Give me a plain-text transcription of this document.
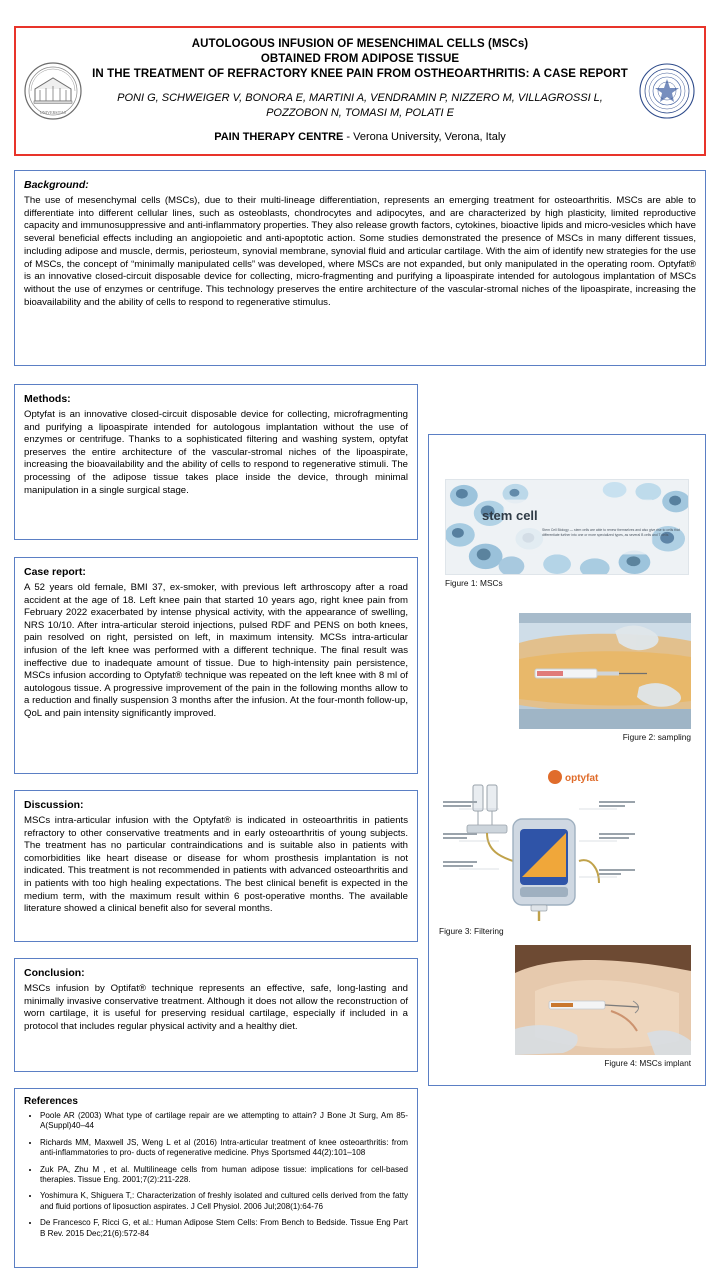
UNIVERSITAS
AUTOLOGOUS INFUSION OF MESENCHIMAL CELLS (MSCs)
OBTAINED FROM ADIPOSE TISSUE
IN THE TREATMENT OF REFRACTORY KNEE PAIN FROM OSTHEOARTHRITIS: A CASE REPORT
PONI G, SCHWEIGER V, BONORA E, MARTINI A, VENDRAMIN P, NIZZERO M, VILLAGROSSI L,
POZZOBON N, TOMASI M, POLATI E
PAIN THERAPY CENTRE - Verona University, Verona, Italy
Background:

The use of mesenchymal cells (MSCs), due to their multi-lineage differentiation, represents an emerging treatment for osteoarthritis. MSCs are able to differentiate into different cellular lines, such as osteoblasts, chondrocytes and adipocytes, and are characterized by high plasticity, limited reproductive capacity and immunosuppressive and anti-inflammatory properties. They also release growth factors, cytokines, bioactive lipids and micro-vesicles which have several beneficial effects including an angiopoietic and anti-apoptotic action. Some studies demonstrated the presence of MSCs in many different tissues, including adipose and muscle, dermis, periosteum, synovial membrane, synovial fluid and articular cartilage. With the aim of identify new strategies for the use of MSCs, the concept of “minimally manipulated cells” was developed, where MSCs are not expanded, but only manipulated in the operating room. Optyfat® is an innovative closed-circuit disposable device for collecting, micro-fragmenting and purifying a lipoaspirate intended for autologous implantation of MSCs without the use of enzymes or centrifuge. This technology preserves the entire architecture of the vascular-stromal niches of the lipoaspirate, increasing the bioavailability and the ability of cells to respond to regenerative stimulus.

Methods:

Optyfat is an innovative closed-circuit disposable device for collecting, microfragmenting and purifying a lipoaspirate intended for autologous implantation without the use of enzymes or centrifuge. Thanks to a sophisticated filtering and washing system, optyfat preserves the entire architecture of the vascular-stromal niches of the lipoaspirate, increasing the bioavailability and the ability of cells to respond to regenerative stimuli. The processing of the adipose tissue takes place inside the device, through minimal manipulation in a single surgical stage.

Case report:

A 52 years old female, BMI 37, ex-smoker, with previous left arthroscopy after a road accident at the age of 18. Left knee pain that started 10 years ago, right knee pain from February 2022 exacerbated by intense physical activity, with the appearance of swelling, NRS 10/10. After intra-articular steroid injections, pulsed RDF and PENS on both knees, pain resolved on right, persisted on left, in maximum intensity. MCSs intra-articular infusion of the left knee was performed with a different technique. The final result was ineffective due to inadequate amount of tissue. Due to high-intensity pain persistence, MSCs infusion according to Optyfat® technique was repeated on the left knee with 8 ml of autologous tissue. A progressive improvement of the pain in the following months allow to a reduction and finally suspension 3 months after the infusion. At the four-month follow-up, QoL and pain intensity significantly improved.

Discussion:

MSCs intra-articular infusion with the Optyfat® is indicated in osteoarthritis in patients refractory to other conservative treatments and in early osteoarthritis of young subjects. The treatment has no particular contraindications and is suitable also in patients with comorbidities like heart disease or disease for whom prosthesis implantation is not indicated. This treatment is not recommended in patients with advanced osteoarthritis and in patients with too high healing expectations. The best clinical benefit is expected in the medium term, with the maximum result within 6 post-operative months. The available literature showed a clinical benefit also for several months.

Conclusion:

MSCs infusion by Optifat® technique represents an effective, safe, long-lasting and minimally invasive conservative treatment. Although it does not allow the reconstruction of worn cartilage, it is useful for preserving residual cartilage, especially if included in a protocol that includes regular physical activity and a healthy diet.

References
• Poole AR (2003) What type of cartilage repair are we attempting to attain? J Bone Jt Surg, Am 85-A(Suppl)40–44
• Richards MM, Maxwell JS, Weng L et al (2016) Intra-articular treatment of knee osteoarthritis: from anti-inflammatories to pro- ducts of regenerative medicine. Phys Sportsmed 44(2):101–108
• Zuk PA, Zhu M , et al. Multilineage cells from human adipose tissue: implications for cell-based therapies. Tissue Eng. 2001;7(2):211-228.
• Yoshimura K, Shiguera T,: Characterization of freshly isolated and cultured cells derived from the fatty and fluid portions of liposuction aspirates. J Cell Physiol. 2006 Jul;208(1):64-76
• De Francesco F, Ricci G, et al.: Human Adipose Stem Cells: From Bench to Bedside. Tissue Eng Part B Rev. 2015 Dec;21(6):572-84
stem cell
Stem Cell Biology — stem cells are able to renew themselves and also give rise to cells that differentiate further into one or more specialized types, as several B cells and T cells.
Figure 1: MSCs
Figure 2: sampling
optyfat
Figure 3: Filtering
Figure 4: MSCs implant
